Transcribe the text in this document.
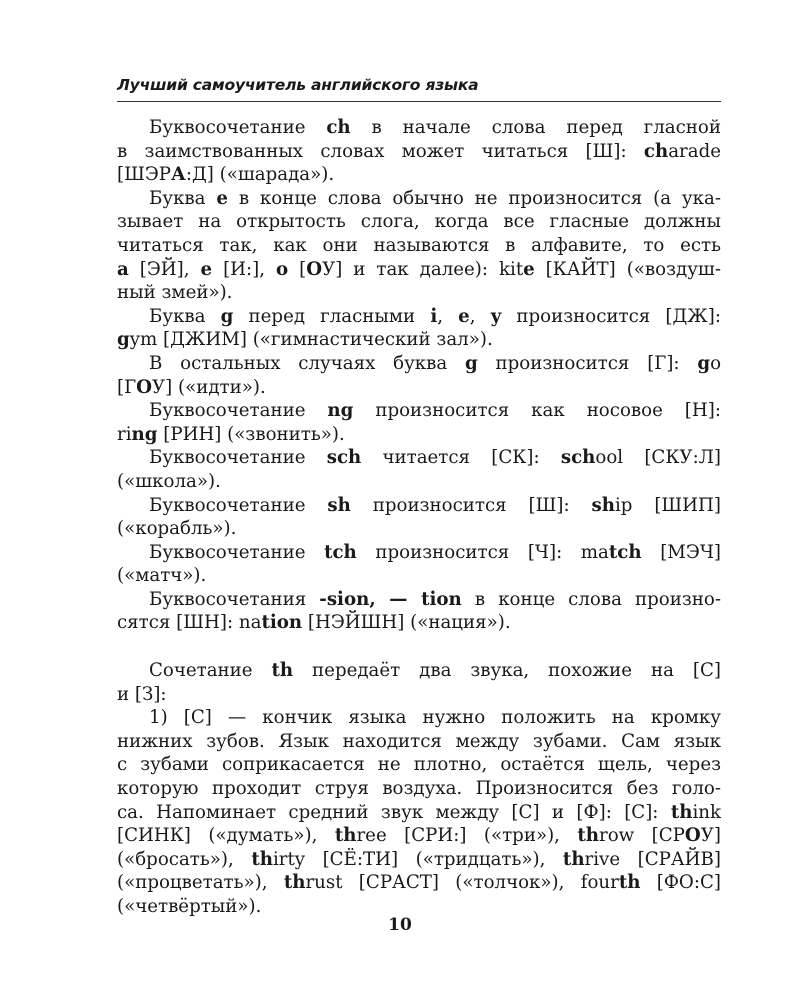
Лучший самоучитель английского языка
Буквосочетание ch в начале слова перед гласной
в заимствованных словах может читаться [Ш]: charade
[ШЭРА:Д] («шарада»).
Буква e в конце слова обычно не произносится (а ука-
зывает на открытость слога, когда все гласные должны
читаться так, как они называются в алфавите, то есть
a [ЭЙ], e [И:], o [ОУ] и так далее): kite [КАЙТ] («воздуш-
ный змей»).
Буква g перед гласными i, e, y произносится [ДЖ]:
gym [ДЖИМ] («гимнастический зал»).
В остальных случаях буква g произносится [Г]: go
[ГОУ] («идти»).
Буквосочетание ng произносится как носовое [Н]:
ring [РИН] («звонить»).
Буквосочетание sch читается [СК]: school [СКУ:Л]
(«школа»).
Буквосочетание sh произносится [Ш]: ship [ШИП]
(«корабль»).
Буквосочетание tch произносится [Ч]: match [МЭЧ]
(«матч»).
Буквосочетания -sion, — tion в конце слова произно-
сятся [ШН]: nation [НЭЙШН] («нация»).
Сочетание th передаёт два звука, похожие на [С]
и [З]:
1) [С] — кончик языка нужно положить на кромку
нижних зубов. Язык находится между зубами. Сам язык
с зубами соприкасается не плотно, остаётся щель, через
которую проходит струя воздуха. Произносится без голо-
са. Напоминает средний звук между [С] и [Ф]: [С]: think
[СИНК] («думать»), three [СРИ:] («три»), throw [СРОУ]
(«бросать»), thirty [СЁ:ТИ] («тридцать»), thrive [СРАЙВ]
(«процветать»), thrust [СРАСТ] («толчок»), fourth [ФО:С]
(«четвёртый»).
10
